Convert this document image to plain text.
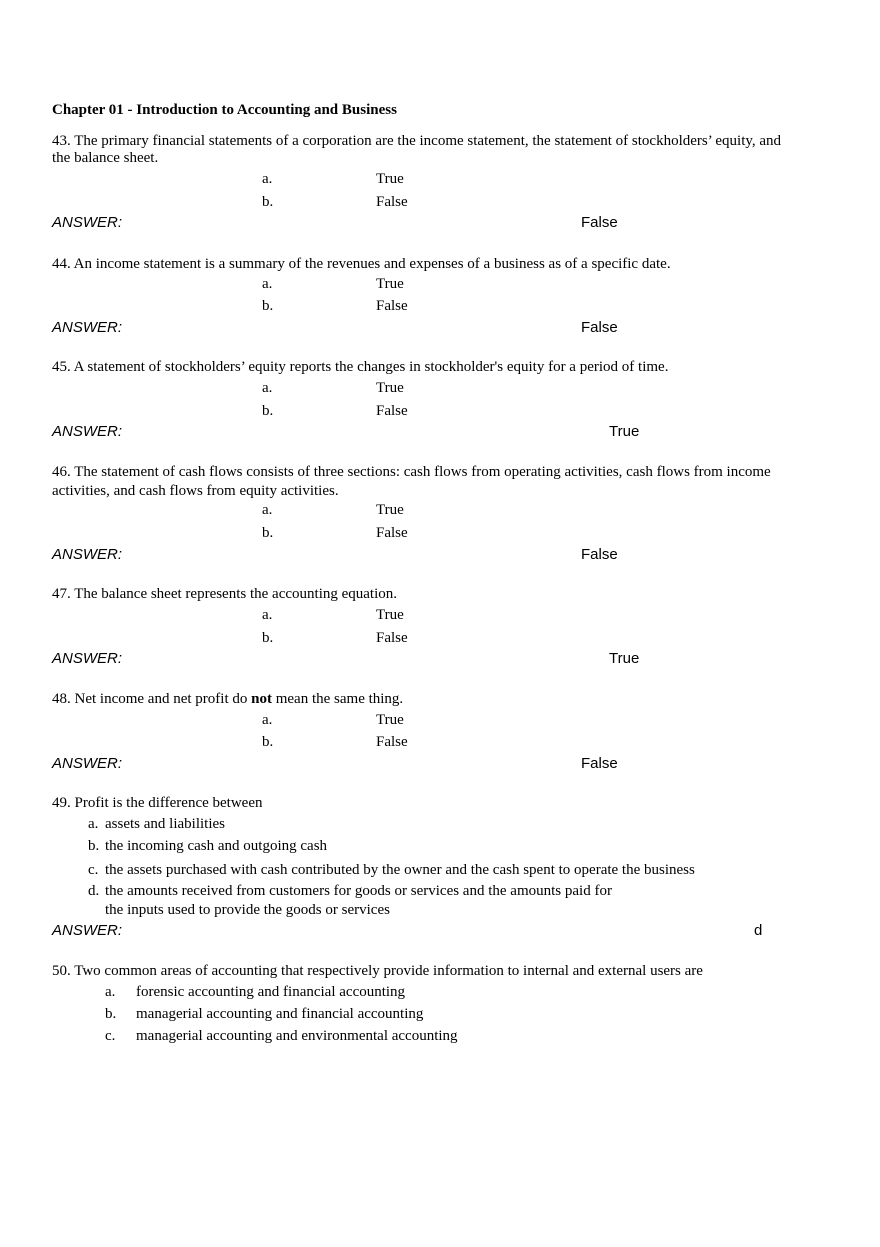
Chapter 01 - Introduction to Accounting and Business
43. The primary financial statements of a corporation are the income statement, the statement of stockholders’ equity, and
the balance sheet.
a.	True
b.	False
ANSWER:	False
44. An income statement is a summary of the revenues and expenses of a business as of a specific date.
a.	True
b.	False
ANSWER:	False
45. A statement of stockholders’ equity reports the changes in stockholder's equity for a period of time.
a.	True
b.	False
ANSWER:	True
46. The statement of cash flows consists of three sections: cash flows from operating activities, cash flows from income
activities, and cash flows from equity activities.
a.	True
b.	False
ANSWER:	False
47. The balance sheet represents the accounting equation.
a.	True
b.	False
ANSWER:	True
48. Net income and net profit do not mean the same thing.
a.	True
b.	False
ANSWER:	False
49. Profit is the difference between
a. assets and liabilities
b. the incoming cash and outgoing cash
c. the assets purchased with cash contributed by the owner and the cash spent to operate the business
d. the amounts received from customers for goods or services and the amounts paid for
the inputs used to provide the goods or services
ANSWER:	d
50. Two common areas of accounting that respectively provide information to internal and external users are
a. forensic accounting and financial accounting
b. managerial accounting and financial accounting
c. managerial accounting and environmental accounting
